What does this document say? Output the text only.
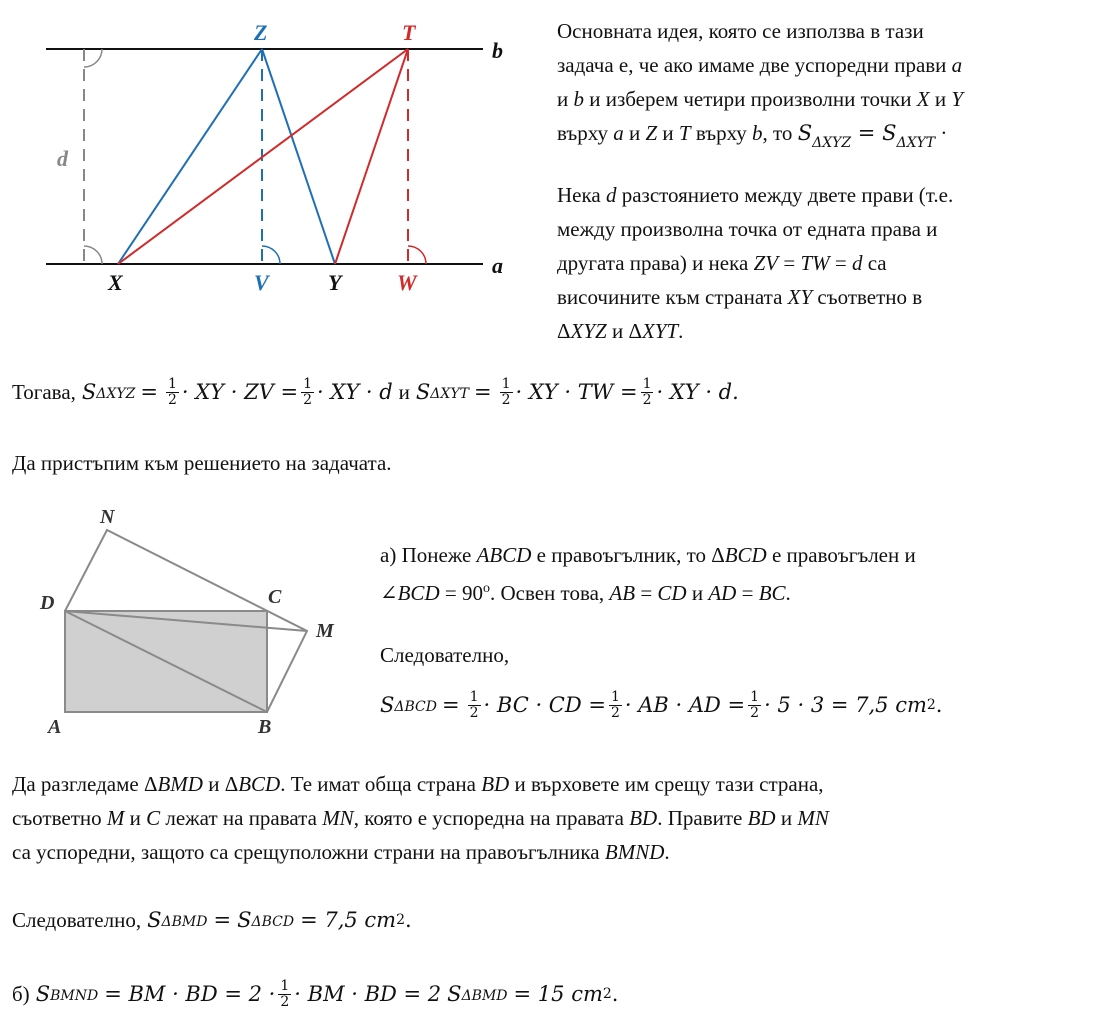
Z	T
b
a
d
X	V	Y	W
Основната идея, която се използва в тази
задача е, че ако имаме две успоредни прави a
и b и изберем четири произволни точки X и Y
върху a и Z и T върху b, то $S_{\Delta XYZ} = S_{\Delta XYT}$ ·
Нека d разстоянието между двете прави (т.е.
между произволна точка от едната права и
другата права) и нека ZV = TW = d са
височините към страната XY съответно в
ΔXYZ и ΔXYT.
Тогава, $S_{\Delta XYZ} = \frac{1}{2}$ · XY · ZV = $\frac{1}{2}$ · XY · d и $S_{\Delta XYT} = \frac{1}{2}$ · XY · TW = $\frac{1}{2}$ · XY · d.
Да пристъпим към решението на задачата.
N
D	C
M
A	B
а) Понеже ABCD е правоъгълник, то ΔBCD е правоъгълен и
∠BCD = $90^o$. Освен това, AB = CD и AD = BC.
Следователно,
$S_{\Delta BCD} = \frac{1}{2}$ · BC · CD = $\frac{1}{2}$ · AB · AD = $\frac{1}{2} \cdot 5 \cdot 3 = 7,5$ cm 2 .
Да разгледаме ΔBMD и ΔBCD. Те имат обща страна BD и върховете им срещу тази страна,
съответно M и C лежат на правата MN, която е успоредна на правата BD. Правите BD и MN
са успоредни, защото са срещуположни страни на правоъгълника BMND.
Следователно, $S_{\Delta BMD} = S_{\Delta BCD} = 7,5$ cm 2 .
б) $S_{BMND}$ = BM · BD = $2 \cdot \frac{1}{2}$ · BM · BD = 2 $S_{\Delta BMD} = 15$ cm 2 .
